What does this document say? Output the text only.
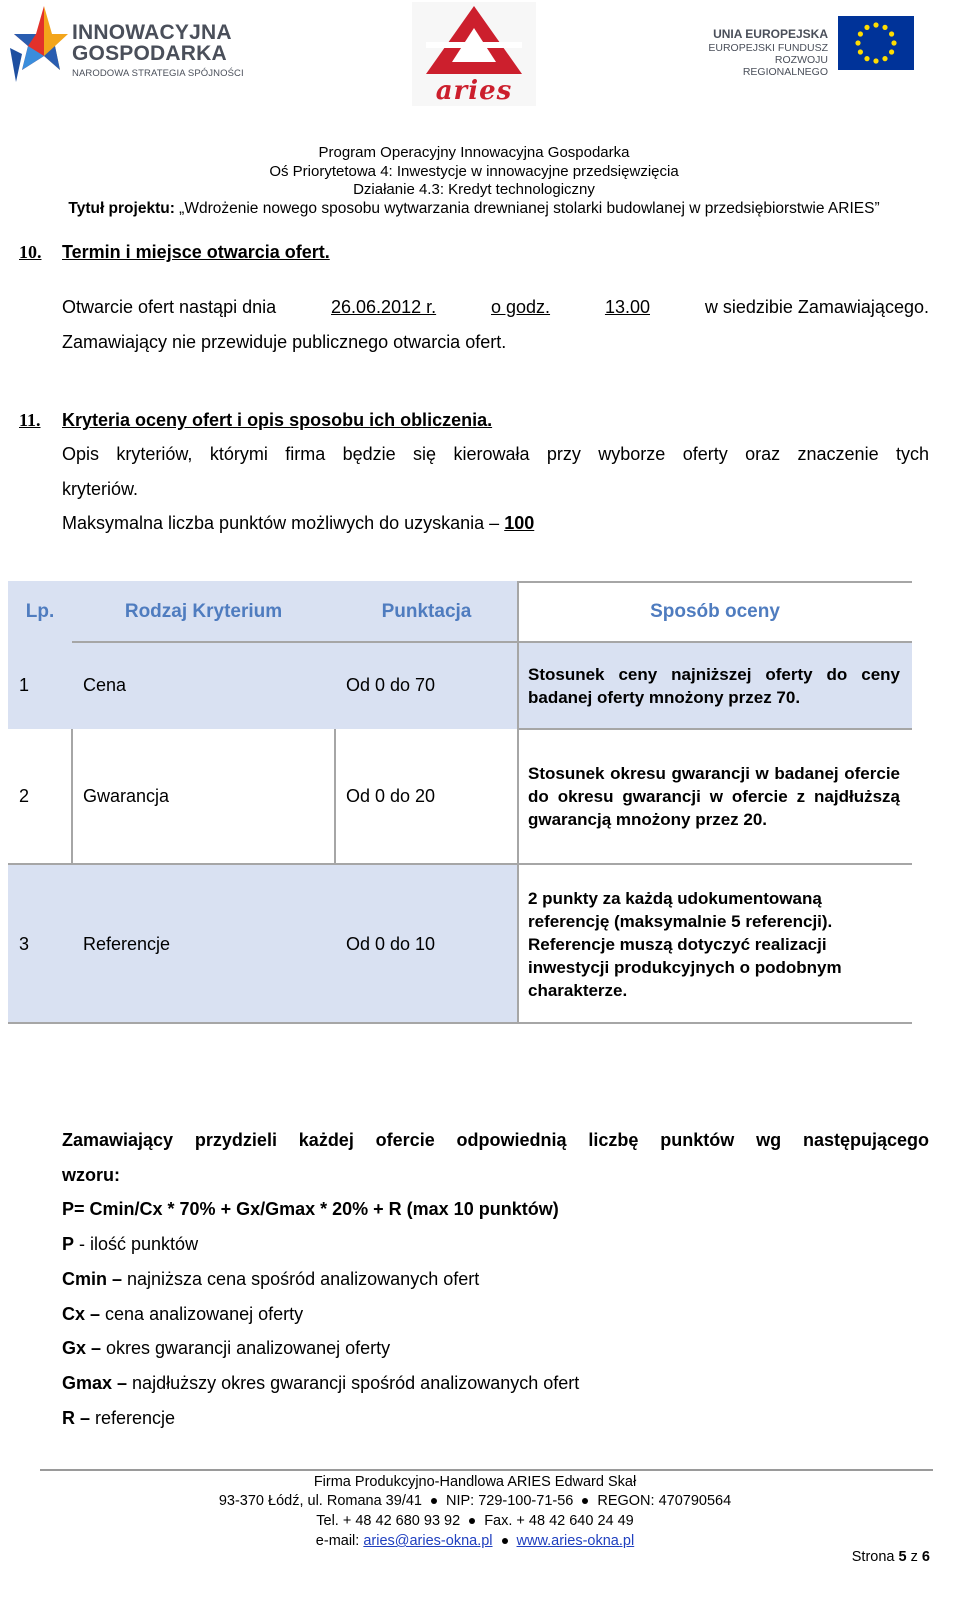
INNOWACYJNA
GOSPODARKA
NARODOWA STRATEGIA SPÓJNOŚCI
aries
UNIA EUROPEJSKA
EUROPEJSKI FUNDUSZ
ROZWOJU REGIONALNEGO
Program Operacyjny Innowacyjna Gospodarka
Oś Priorytetowa 4: Inwestycje w innowacyjne przedsięwzięcia
Działanie 4.3: Kredyt technologiczny
Tytuł projektu: „Wdrożenie nowego sposobu wytwarzania drewnianej stolarki budowlanej w przedsiębiorstwie ARIES”
10. Termin i miejsce otwarcia ofert.
Otwarcie ofert nastąpi dnia	26.06.2012 r.	o godz.	13.00	w siedzibie Zamawiającego.
Zamawiający nie przewiduje publicznego otwarcia ofert.
11. Kryteria oceny ofert i opis sposobu ich obliczenia.
Opis kryteriów, którymi firma będzie się kierowała przy wyborze oferty oraz znaczenie tych
kryteriów.
Maksymalna liczba punktów możliwych do uzyskania – 100
Lp.	Rodzaj Kryterium	Punktacja	Sposób oceny
1	Cena	Od 0 do 70
Stosunek ceny najniższej oferty do ceny badanej oferty mnożony przez 70.
2	Gwarancja	Od 0 do 20
Stosunek okresu gwarancji w badanej ofercie do okresu gwarancji w ofercie z najdłuższą gwarancją mnożony przez 20.
3	Referencje	Od 0 do 10
2 punkty za każdą udokumentowaną referencję (maksymalnie 5 referencji). Referencje muszą dotyczyć realizacji inwestycji produkcyjnych o podobnym charakterze.
Zamawiający przydzieli każdej ofercie odpowiednią liczbę punktów wg następującego
wzoru:
P= Cmin/Cx * 70% + Gx/Gmax * 20% + R (max 10 punktów)
P - ilość punktów
Cmin – najniższa cena spośród analizowanych ofert
Cx – cena analizowanej oferty
Gx – okres gwarancji analizowanej oferty
Gmax – najdłuższy okres gwarancji spośród analizowanych ofert
R – referencje
Firma Produkcyjno-Handlowa ARIES Edward Skał
93-370 Łódź, ul. Romana 39/41 NIP: 729-100-71-56 REGON: 470790564
Tel. + 48 42 680 93 92 Fax. + 48 42 640 24 49
e-mail: aries@aries-okna.pl www.aries-okna.pl
Strona 5 z 6
